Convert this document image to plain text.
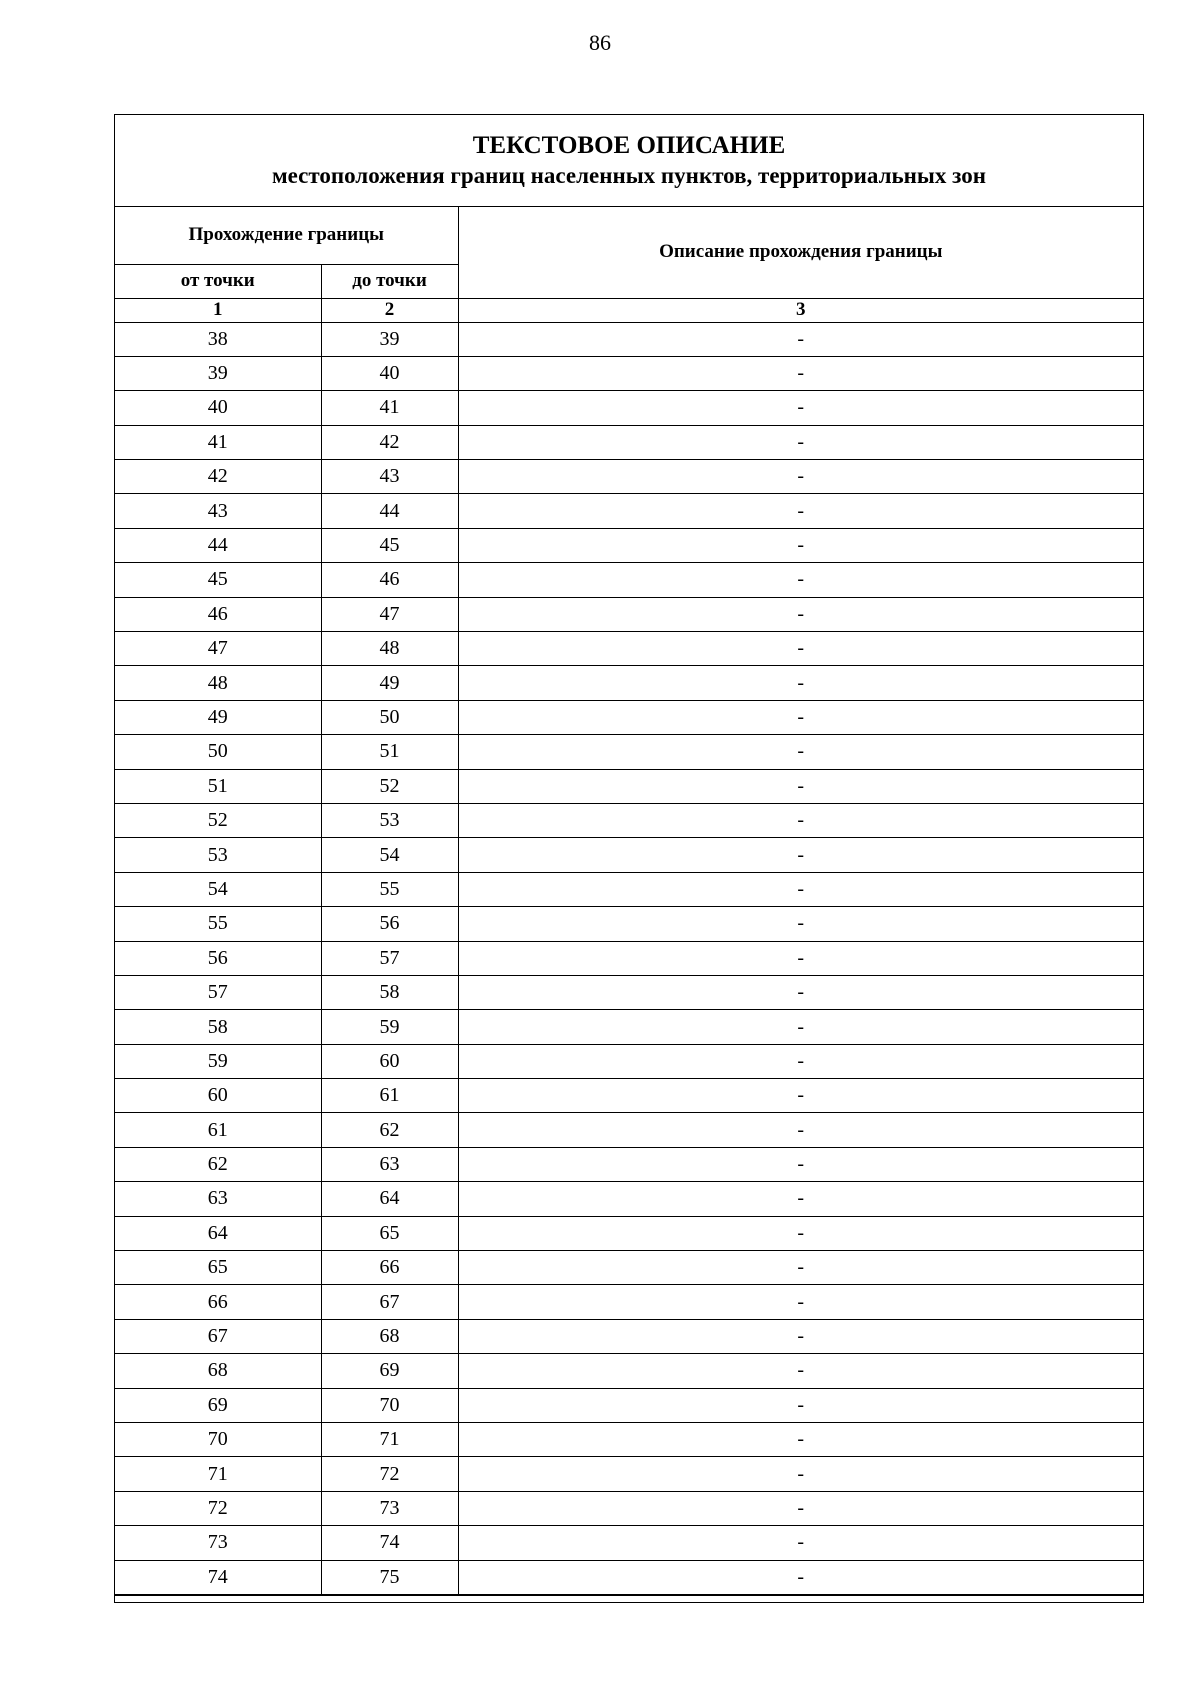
86
ТЕКСТОВОЕ ОПИСАНИЕ
местоположения границ населенных пунктов, территориальных зон
Прохождение границы		Описание прохождения границы
от точки	до точки	
1	2	3
38	39	-
39	40	-
40	41	-
41	42	-
42	43	-
43	44	-
44	45	-
45	46	-
46	47	-
47	48	-
48	49	-
49	50	-
50	51	-
51	52	-
52	53	-
53	54	-
54	55	-
55	56	-
56	57	-
57	58	-
58	59	-
59	60	-
60	61	-
61	62	-
62	63	-
63	64	-
64	65	-
65	66	-
66	67	-
67	68	-
68	69	-
69	70	-
70	71	-
71	72	-
72	73	-
73	74	-
74	75	-
